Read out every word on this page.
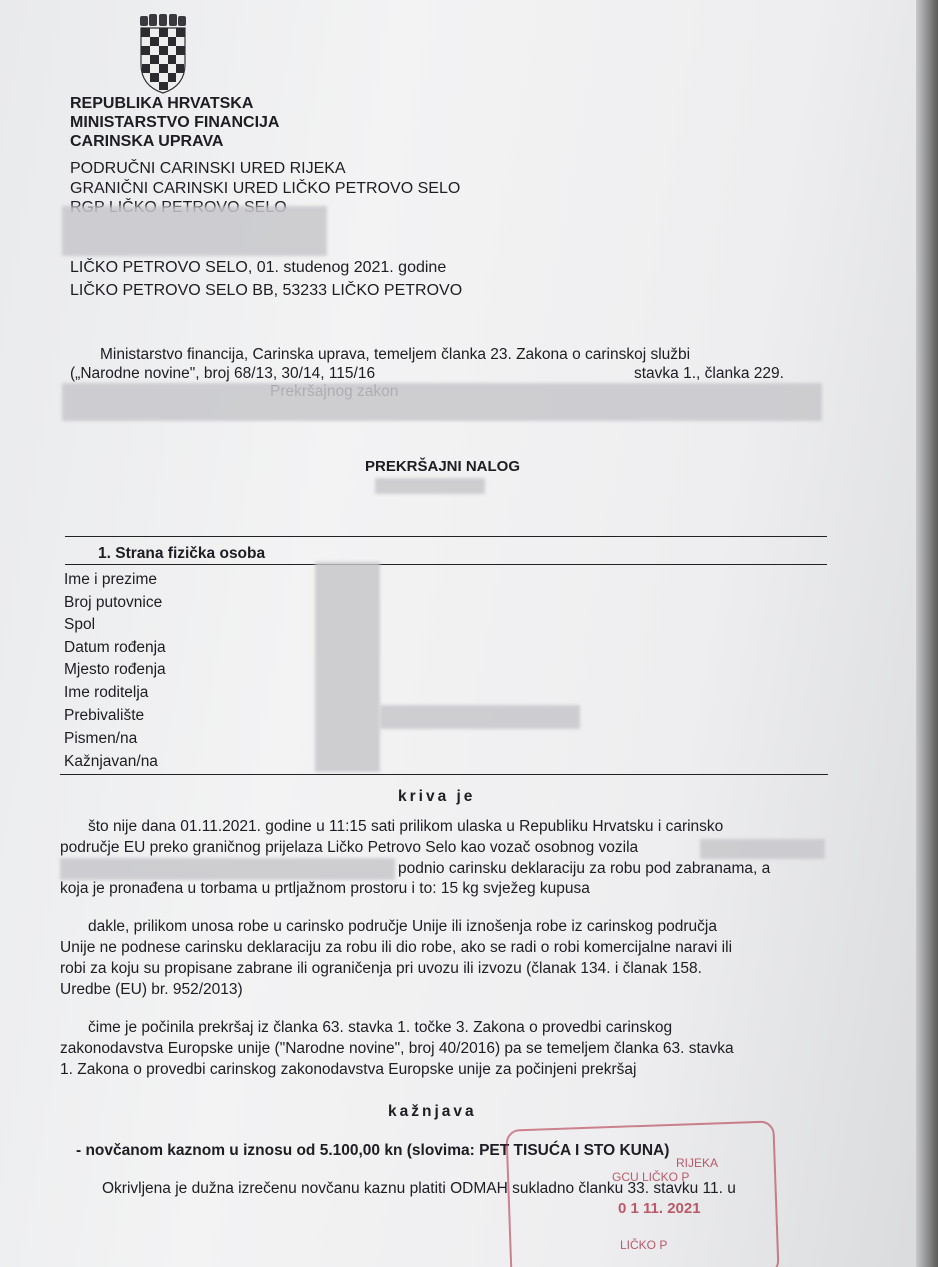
REPUBLIKA HRVATSKA
MINISTARSTVO FINANCIJA
CARINSKA UPRAVA
PODRUČNI CARINSKI URED RIJEKA
GRANIČNI CARINSKI URED LIČKO PETROVO SELO
LIČKO PETROVO SELO, 01. studenog 2021. godine
LIČKO PETROVO SELO BB, 53233 LIČKO PETROVO
Ministarstvo financija, Carinska uprava, temeljem članka 23. Zakona o carinskoj službi
(„Narodne novine", broj 68/13, 30/14, 115/16	stavka 1., članka 229.
PREKRŠAJNI NALOG
1. Strana fizička osoba
Ime i prezime
Broj putovnice
Spol
Datum rođenja
Mjesto rođenja
Ime roditelja
Prebivalište
Pismen/na
Kažnjavan/na
kriva je
što nije dana 01.11.2021. godine u 11:15 sati prilikom ulaska u Republiku Hrvatsku i carinsko
područje EU preko graničnog prijelaza Ličko Petrovo Selo kao vozač osobnog vozila
podnio carinsku deklaraciju za robu pod zabranama, a
koja je pronađena u torbama u prtljažnom prostoru i to: 15 kg svježeg kupusa
dakle, prilikom unosa robe u carinsko područje Unije ili iznošenja robe iz carinskog područja
Unije ne podnese carinsku deklaraciju za robu ili dio robe, ako se radi o robi komercijalne naravi ili
robi za koju su propisane zabrane ili ograničenja pri uvozu ili izvozu (članak 134. i članak 158.
Uredbe (EU) br. 952/2013)
čime je počinila prekršaj iz članka 63. stavka 1. točke 3. Zakona o provedbi carinskog
zakonodavstva Europske unije ("Narodne novine", broj 40/2016) pa se temeljem članka 63. stavka
1. Zakona o provedbi carinskog zakonodavstva Europske unije za počinjeni prekršaj
kažnjava
- novčanom kaznom u iznosu od 5.100,00 kn (slovima: PET TISUĆA I STO KUNA)
Okrivljena je dužna izrečenu novčanu kaznu platiti ODMAH sukladno članku 33. stavku 11. u
RIJEKA
GCU LIČKO P
0 1 11. 2021
LIČKO P
